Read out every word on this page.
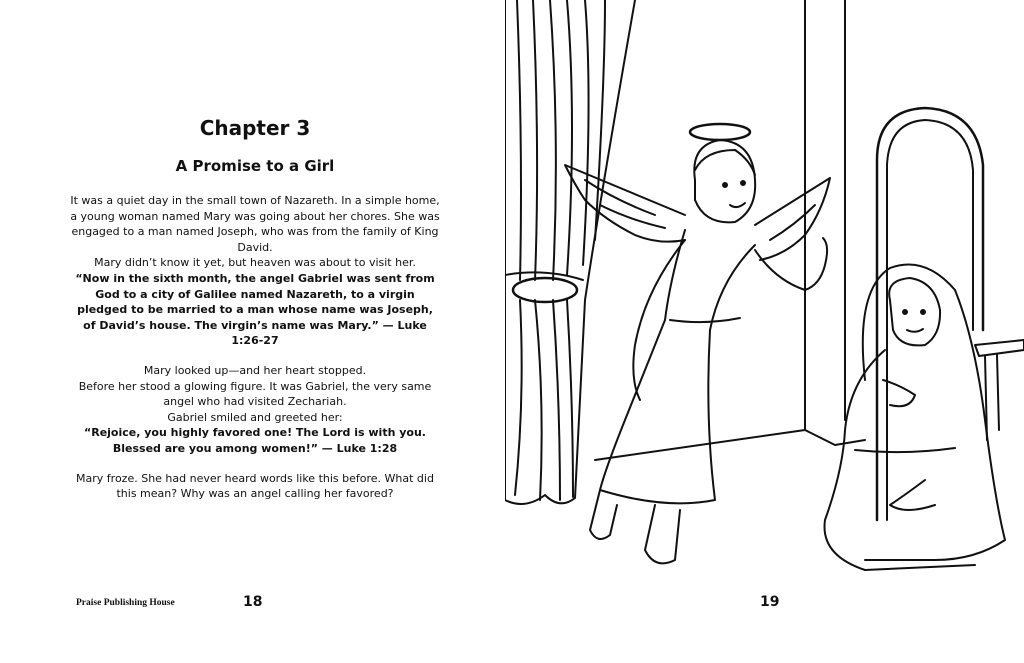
Chapter 3
A Promise to a Girl

It was a quiet day in the small town of Nazareth. In a simple home, a young woman named Mary was going about her chores. She was engaged to a man named Joseph, who was from the family of King David.

Mary didn’t know it yet, but heaven was about to visit her.

“Now in the sixth month, the angel Gabriel was sent from God to a city of Galilee named Nazareth, to a virgin pledged to be married to a man whose name was Joseph, of David’s house. The virgin’s name was Mary.” — Luke 1:26-27

Mary looked up—and her heart stopped.

Before her stood a glowing figure. It was Gabriel, the very same angel who had visited Zechariah.

Gabriel smiled and greeted her:

“Rejoice, you highly favored one! The Lord is with you. Blessed are you among women!” — Luke 1:28

Mary froze. She had never heard words like this before. What did this mean? Why was an angel calling her favored?

Praise Publishing House	18	19
